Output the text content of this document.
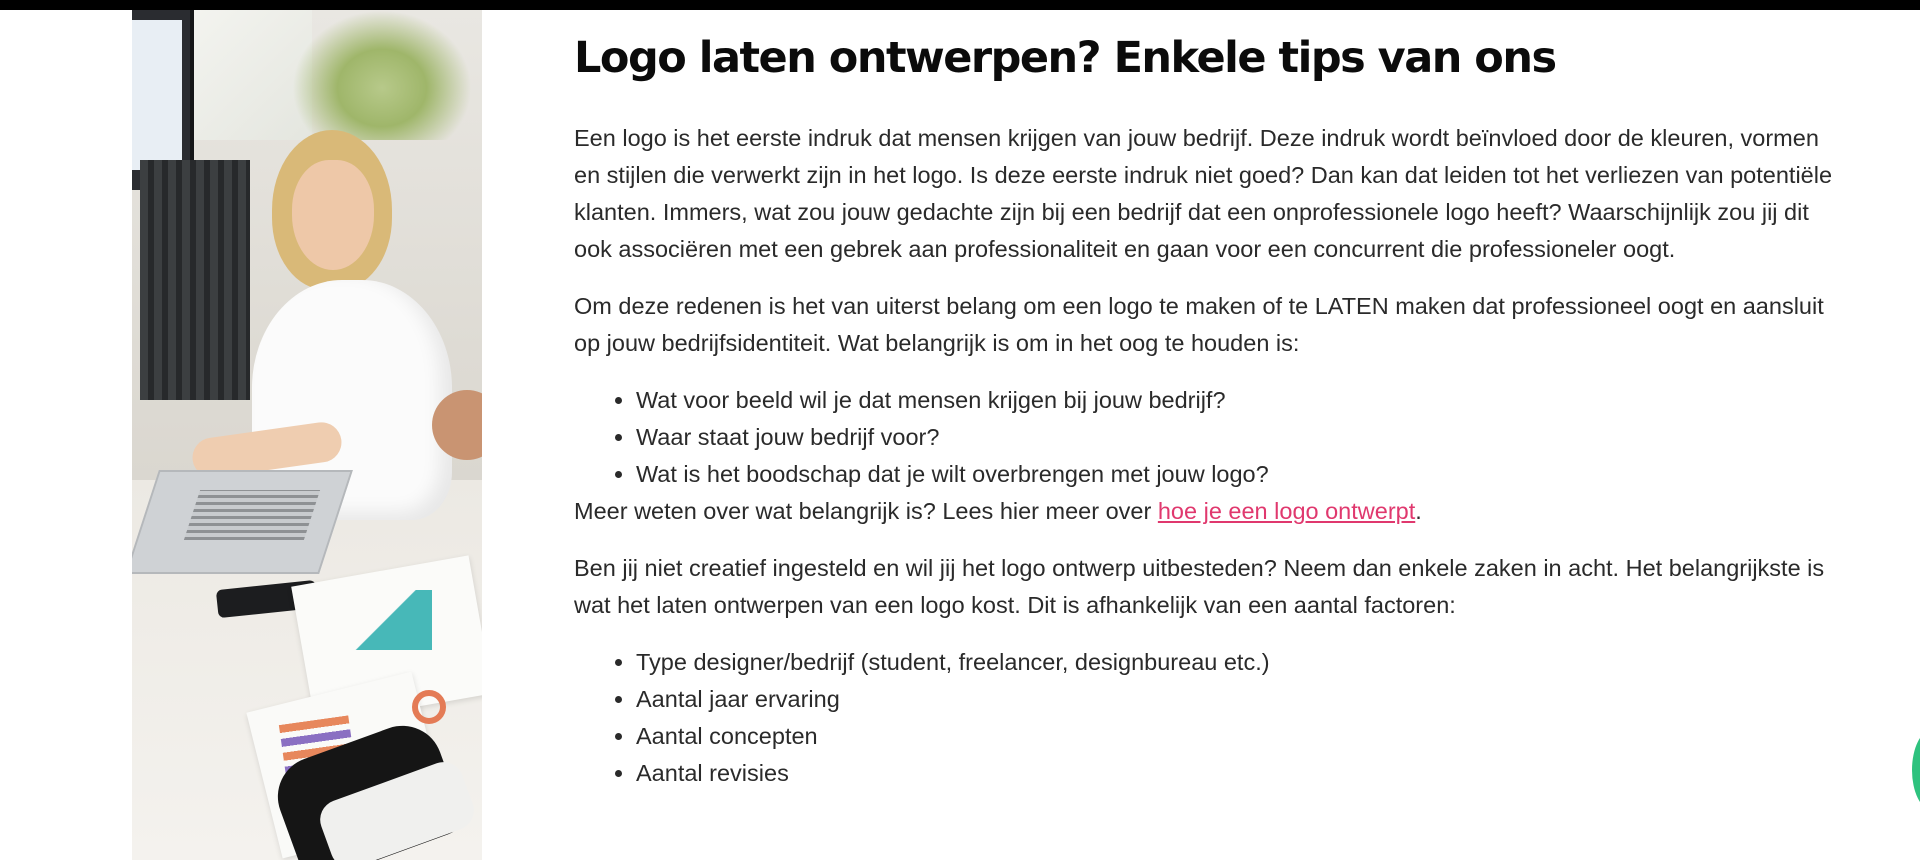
Logo laten ontwerpen? Enkele tips van ons

Een logo is het eerste indruk dat mensen krijgen van jouw bedrijf. Deze indruk wordt beïnvloed door de kleuren, vormen en stijlen die verwerkt zijn in het logo. Is deze eerste indruk niet goed? Dan kan dat leiden tot het verliezen van potentiële klanten. Immers, wat zou jouw gedachte zijn bij een bedrijf dat een onprofessionele logo heeft? Waarschijnlijk zou jij dit ook associëren met een gebrek aan professionaliteit en gaan voor een concurrent die professioneler oogt.

Om deze redenen is het van uiterst belang om een logo te maken of te LATEN maken dat professioneel oogt en aansluit op jouw bedrijfsidentiteit. Wat belangrijk is om in het oog te houden is:

• Wat voor beeld wil je dat mensen krijgen bij jouw bedrijf?
• Waar staat jouw bedrijf voor?
• Wat is het boodschap dat je wilt overbrengen met jouw logo?

Meer weten over wat belangrijk is? Lees hier meer over hoe je een logo ontwerpt.

Ben jij niet creatief ingesteld en wil jij het logo ontwerp uitbesteden? Neem dan enkele zaken in acht. Het belangrijkste is wat het laten ontwerpen van een logo kost. Dit is afhankelijk van een aantal factoren:

• Type designer/bedrijf (student, freelancer, designbureau etc.)
• Aantal jaar ervaring
• Aantal concepten
• Aantal revisies
